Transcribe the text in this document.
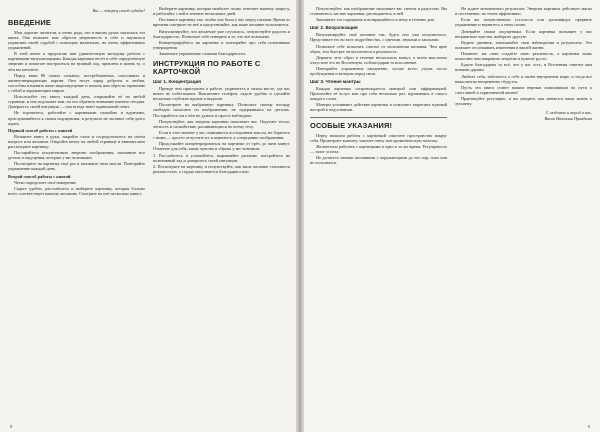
Вы — творец своей судьбы!
ВВЕДЕНИЕ

Мои дорогие читатели, я очень рада, что в ваших руках оказалась эта книга. Она поможет вам обрести уверенность в себе и научиться управлять своей судьбой с помощью маленьких, но очень эффективных упражнений.

В этой книге я предлагаю вам удивительную методику работы с картинками-визуализациями. Каждая картинка несёт в себе определённую энергию и помогает настроиться на нужный лад, привлечь в жизнь то, о чём вы мечтаете.

Перед вами 80 самых сильных, востребованных, счастливых и жизнеутверждающих картин. Они несут заряд доброты и любви, способны изменить ваше мироощущение и помочь вам обрести гармонию с собой и окружающим миром.

Используйте эту книгу каждый день, открывайте её на любой странице, и она подскажет вам, на что обратить внимание именно сегодня. Доверьтесь своей интуиции — она всегда знает правильный ответ.

Не торопитесь, работайте с картинками спокойно и вдумчиво, прислушивайтесь к своим ощущениям, и результат не заставит себя долго ждать.

Первый способ работы с книгой

Возьмите книгу в руки, закройте глаза и сосредоточьтесь на своём вопросе или желании. Откройте книгу на любой странице и внимательно рассмотрите картинку.

Постарайтесь почувствовать энергию изображения, запомните все детали и ощущения, которые у вас возникают.

Посмотрите на картинку ещё раз и запишите свои мысли. Повторяйте упражнение каждый день.

Второй способ работы с книгой

Четко определите своё намерение.

Сядьте удобно, расслабьтесь и выберите картинку, которая больше всего соответствует вашему желанию. Смотрите на неё несколько минут.

Выберите картинку, которая наиболее полно отвечает вашему запросу, и работайте с ней в течение нескольких дней.

Поставьте картинку так, чтобы она была у вас перед глазами. Время от времени смотрите на неё и представляйте, как ваше желание исполняется.

Визуализируйте, что желаемое уже случилось, почувствуйте радость и благодарность. Позвольте себе поверить в то, что всё возможно.

Концентрируйтесь на картинке и повторяйте про себя позитивные утверждения.

Закончите упражнение словами благодарности.

ИНСТРУКЦИЯ ПО РАБОТЕ С КАРТОЧКОЙ
Шаг 1. Концентрация

Прежде чем приступить к работе, уединитесь в тихом месте, где вас никто не побеспокоит. Выключите телефон, сядьте удобно и сделайте несколько глубоких вдохов и выдохов.

Посмотрите на выбранную картинку. Позвольте своему взгляду свободно скользить по изображению, не задерживаясь на деталях. Постарайтесь ни о чём не думать и просто наблюдать.

Почувствуйте, как энергия картинки наполняет вас. Ощутите тепло, лёгкость и спокойствие, разливающиеся по всему телу.

Если в этот момент у вас появляются посторонние мысли, не боритесь с ними — просто отпустите их и вернитесь к созерцанию изображения.

Продолжайте концентрироваться на картинке от трёх до пяти минут. Отметьте для себя, какие чувства и образы у вас возникли.

1. Расслабьтесь и успокойтесь, выровняйте дыхание, настройтесь на позитивный лад и доверьтесь своей интуиции.

2. Посмотрите на картинку и почувствуйте, как ваше желание становится реальностью, а сердце наполняется благодарностью.

8

Почувствуйте, как изображение наполняет вас светом и радостью. Вы становитесь частью картинки, растворяетесь в ней.

Запомните это ощущение и возвращайтесь к нему в течение дня.

Шаг 2. Визуализация

Визуализируйте своё желание так, будто оно уже исполнилось. Представьте его во всех подробностях, с цветами, звуками и запахами.

Позвольте себе испытать счастье от исполнения желания. Чем ярче образ, тем быстрее он воплотится в реальность.

Держите этот образ в течение нескольких минут, а затем мысленно отпустите его во Вселенную, поблагодарив за исполнение.

Повторяйте упражнение ежедневно, лучше всего утром после пробуждения и вечером перед сном.

Шаг 3. Чтение мантры

Каждая картинка сопровождается мантрой или аффирмацией. Прочитайте её вслух или про себя несколько раз, вдумываясь в смысл каждого слова.

Мантры усиливают действие картинки и помогают закрепить нужный настрой в подсознании.

ОСОБЫЕ УКАЗАНИЯ!

Перед началом работы с картинкой очистите пространство вокруг себя. Проветрите комнату, зажгите свечу или ароматическую палочку.

Желательно работать с картинками в одно и то же время. Регулярность — залог успеха.

Не делитесь своими желаниями с окружающими до тех пор, пока они не исполнятся.

Не ждите мгновенного результата. Энергия картинок действует мягко и постепенно, но очень эффективно.

Если вы почувствовали усталость или дискомфорт, прервите упражнение и вернитесь к нему позже.

Доверяйте своим ощущениям. Если картинка вызывает у вас неприятные чувства, выберите другую.

Ведите дневник, записывайте свои наблюдения и результаты. Это поможет отслеживать изменения в вашей жизни.

Помните: вы сами создаёте свою реальность, а картинки лишь помогают вам направить энергию в нужное русло.

Будьте благодарны за всё, что у вас есть, и Вселенная ответит вам новыми дарами.

Любите себя, заботьтесь о себе и своём внутреннем мире, и тогда все ваши мечты непременно сбудутся.

Пусть эта книга станет вашим верным помощником на пути к счастливой и гармоничной жизни!

Практикуйте регулярно, и вы увидите, как меняется ваша жизнь к лучшему.

С любовью и верой в вас,
Ваша Наталья Правдина
9
